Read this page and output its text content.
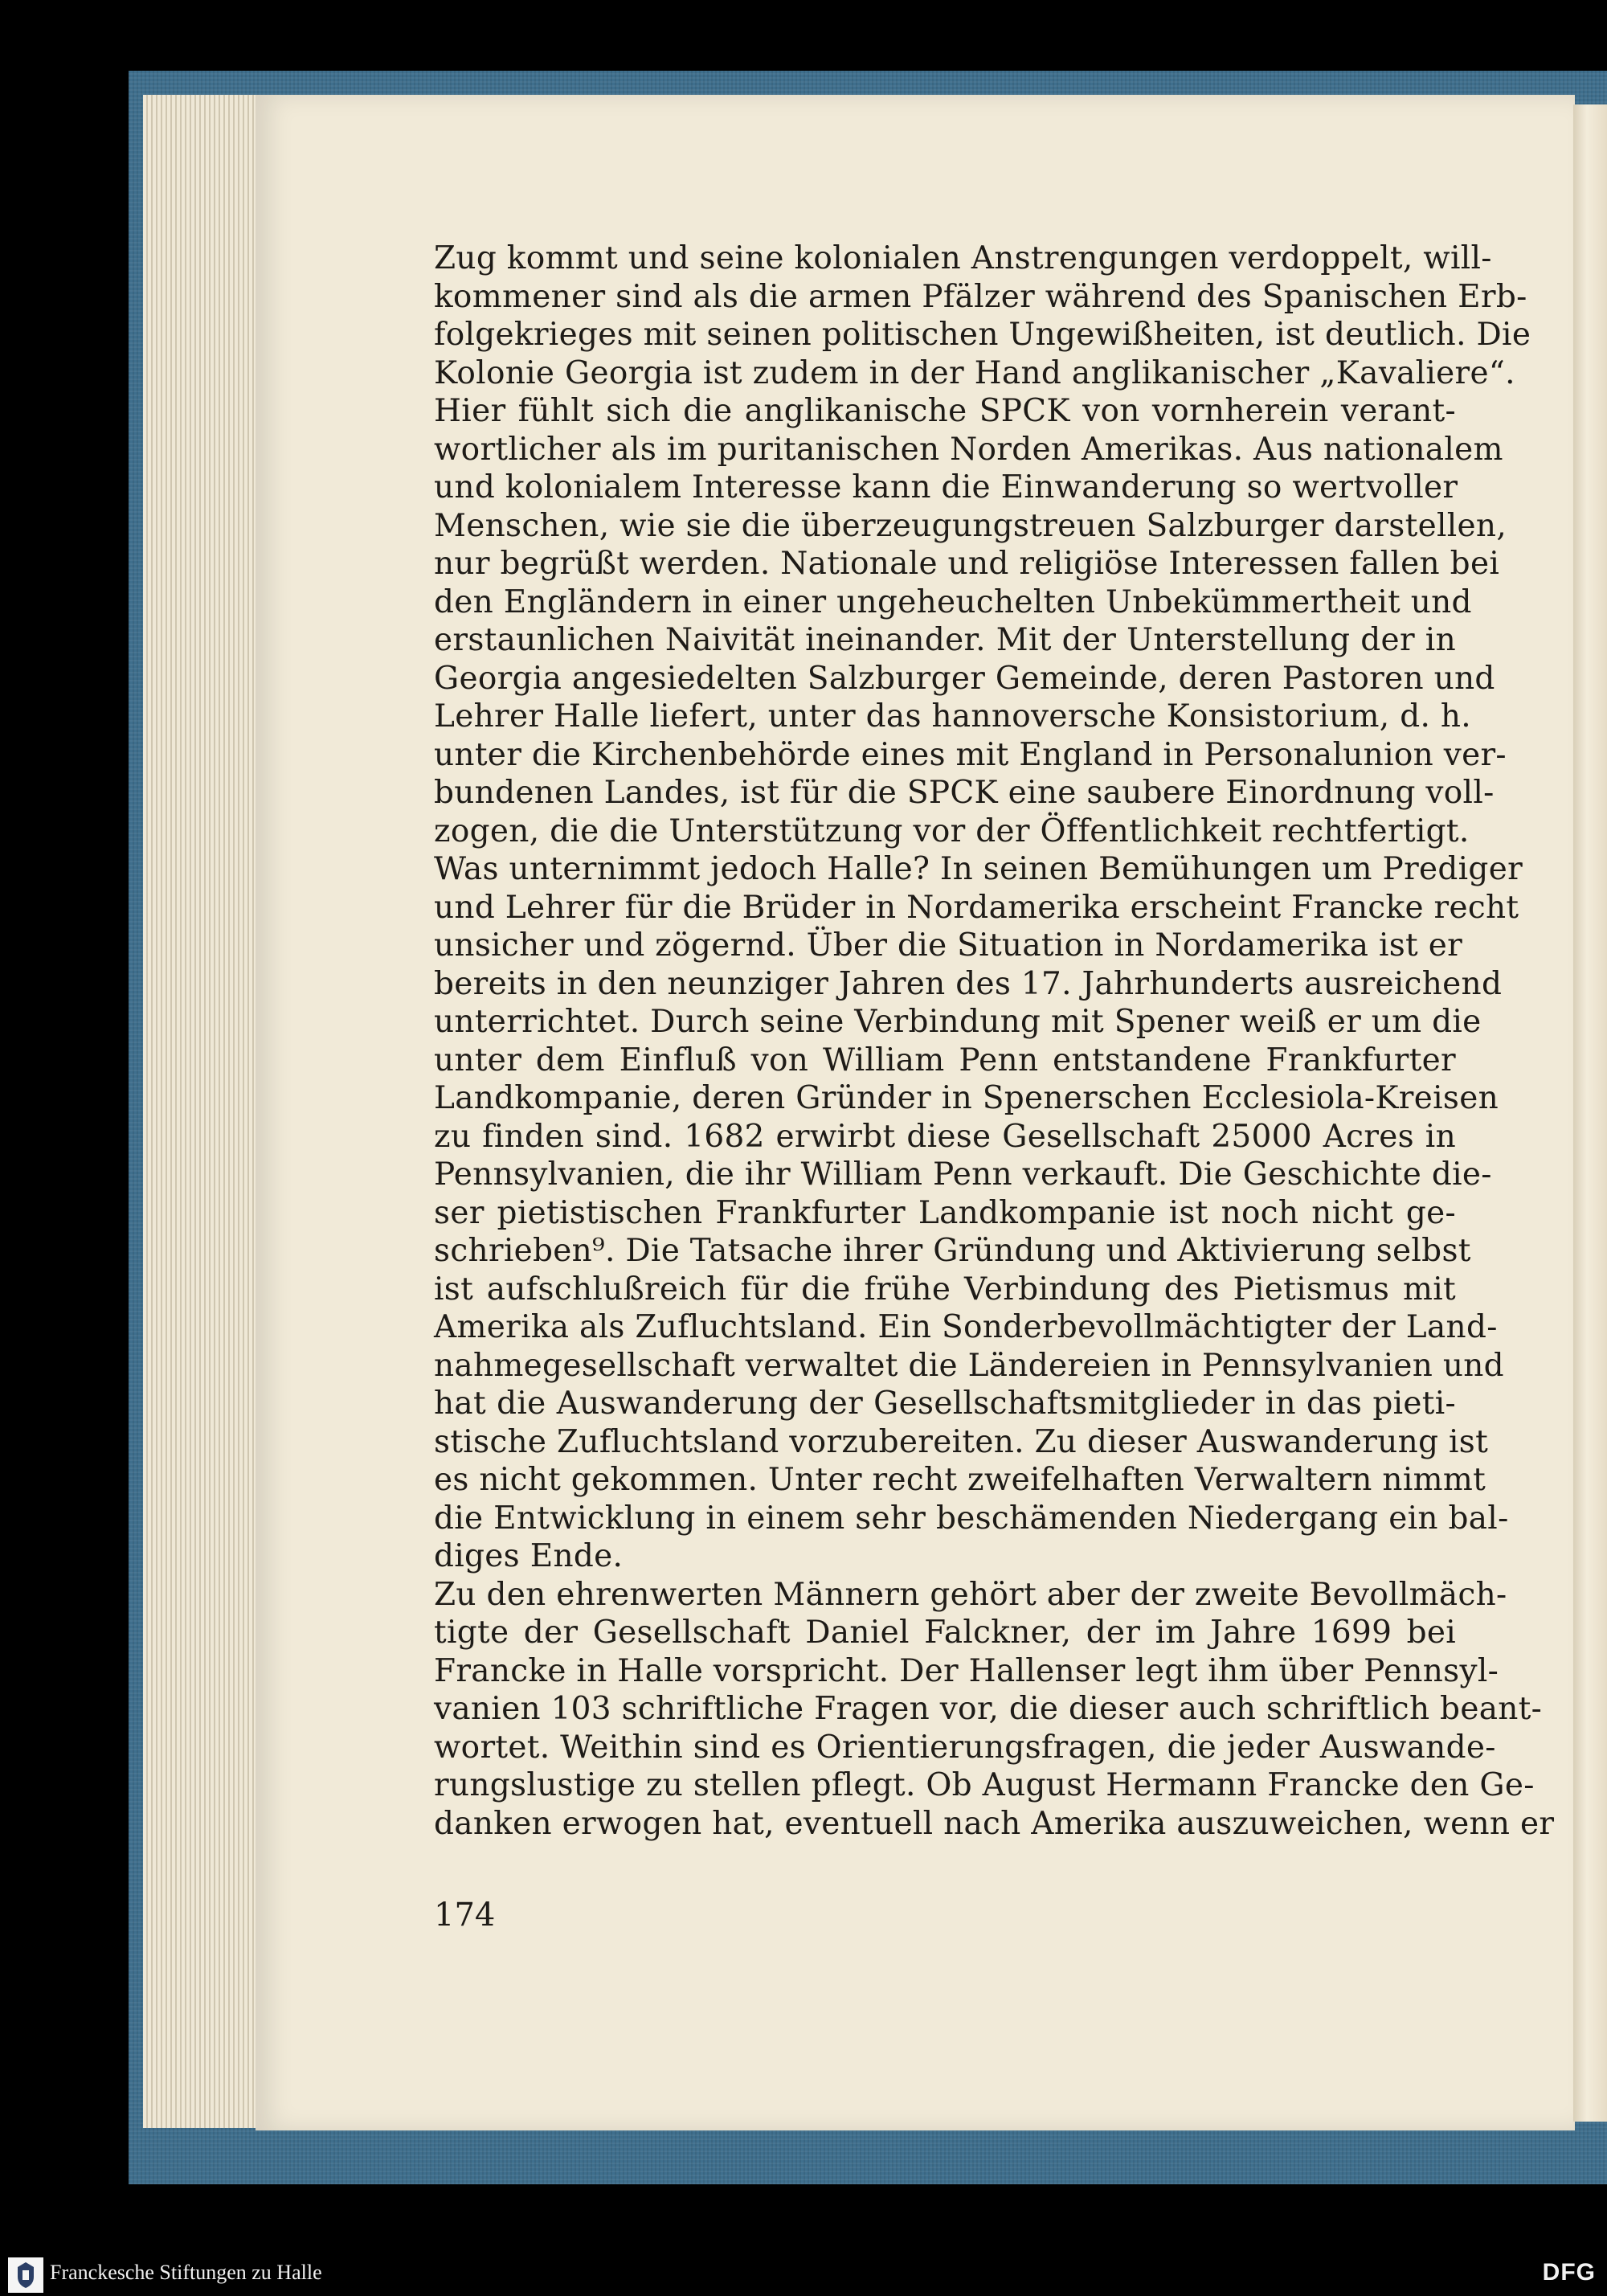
Zug kommt und seine kolonialen Anstrengungen verdoppelt, will-
kommener sind als die armen Pfälzer während des Spanischen Erb-
folgekrieges mit seinen politischen Ungewißheiten, ist deutlich. Die
Kolonie Georgia ist zudem in der Hand anglikanischer „Kavaliere“.
Hier fühlt sich die anglikanische SPCK von vornherein verant-
wortlicher als im puritanischen Norden Amerikas. Aus nationalem
und kolonialem Interesse kann die Einwanderung so wertvoller
Menschen, wie sie die überzeugungstreuen Salzburger darstellen,
nur begrüßt werden. Nationale und religiöse Interessen fallen bei
den Engländern in einer ungeheuchelten Unbekümmertheit und
erstaunlichen Naivität ineinander. Mit der Unterstellung der in
Georgia angesiedelten Salzburger Gemeinde, deren Pastoren und
Lehrer Halle liefert, unter das hannoversche Konsistorium, d. h.
unter die Kirchenbehörde eines mit England in Personalunion ver-
bundenen Landes, ist für die SPCK eine saubere Einordnung voll-
zogen, die die Unterstützung vor der Öffentlichkeit rechtfertigt.
Was unternimmt jedoch Halle? In seinen Bemühungen um Prediger
und Lehrer für die Brüder in Nordamerika erscheint Francke recht
unsicher und zögernd. Über die Situation in Nordamerika ist er
bereits in den neunziger Jahren des 17. Jahrhunderts ausreichend
unterrichtet. Durch seine Verbindung mit Spener weiß er um die
unter dem Einfluß von William Penn entstandene Frankfurter
Landkompanie, deren Gründer in Spenerschen Ecclesiola-Kreisen
zu finden sind. 1682 erwirbt diese Gesellschaft 25000 Acres in
Pennsylvanien, die ihr William Penn verkauft. Die Geschichte die-
ser pietistischen Frankfurter Landkompanie ist noch nicht ge-
schrieben⁹. Die Tatsache ihrer Gründung und Aktivierung selbst
ist aufschlußreich für die frühe Verbindung des Pietismus mit
Amerika als Zufluchtsland. Ein Sonderbevollmächtigter der Land-
nahmegesellschaft verwaltet die Ländereien in Pennsylvanien und
hat die Auswanderung der Gesellschaftsmitglieder in das pieti-
stische Zufluchtsland vorzubereiten. Zu dieser Auswanderung ist
es nicht gekommen. Unter recht zweifelhaften Verwaltern nimmt
die Entwicklung in einem sehr beschämenden Niedergang ein bal-
diges Ende.
Zu den ehrenwerten Männern gehört aber der zweite Bevollmäch-
tigte der Gesellschaft Daniel Falckner, der im Jahre 1699 bei
Francke in Halle vorspricht. Der Hallenser legt ihm über Pennsyl-
vanien 103 schriftliche Fragen vor, die dieser auch schriftlich beant-
wortet. Weithin sind es Orientierungsfragen, die jeder Auswande-
rungslustige zu stellen pflegt. Ob August Hermann Francke den Ge-
danken erwogen hat, eventuell nach Amerika auszuweichen, wenn er
174
Franckesche Stiftungen zu Halle	DFG
